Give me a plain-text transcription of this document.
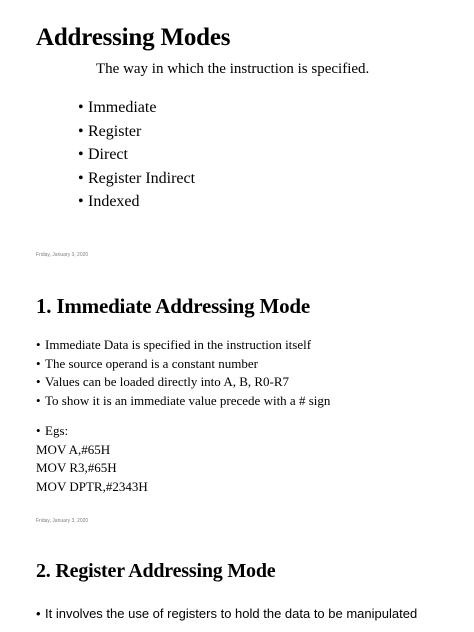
Addressing Modes
The way in which the instruction is specified.
• Immediate
• Register
• Direct
• Register Indirect
• Indexed
Friday, January 3, 2020
1. Immediate Addressing Mode
• Immediate Data is specified in the instruction itself
• The source operand is a constant number
• Values can be loaded directly into A, B, R0-R7
• To show it is an immediate value precede with a # sign
• Egs:
MOV A,#65H
MOV R3,#65H
MOV DPTR,#2343H
Friday, January 3, 2020
2. Register Addressing Mode
• It involves the use of registers to hold the data to be manipulated
